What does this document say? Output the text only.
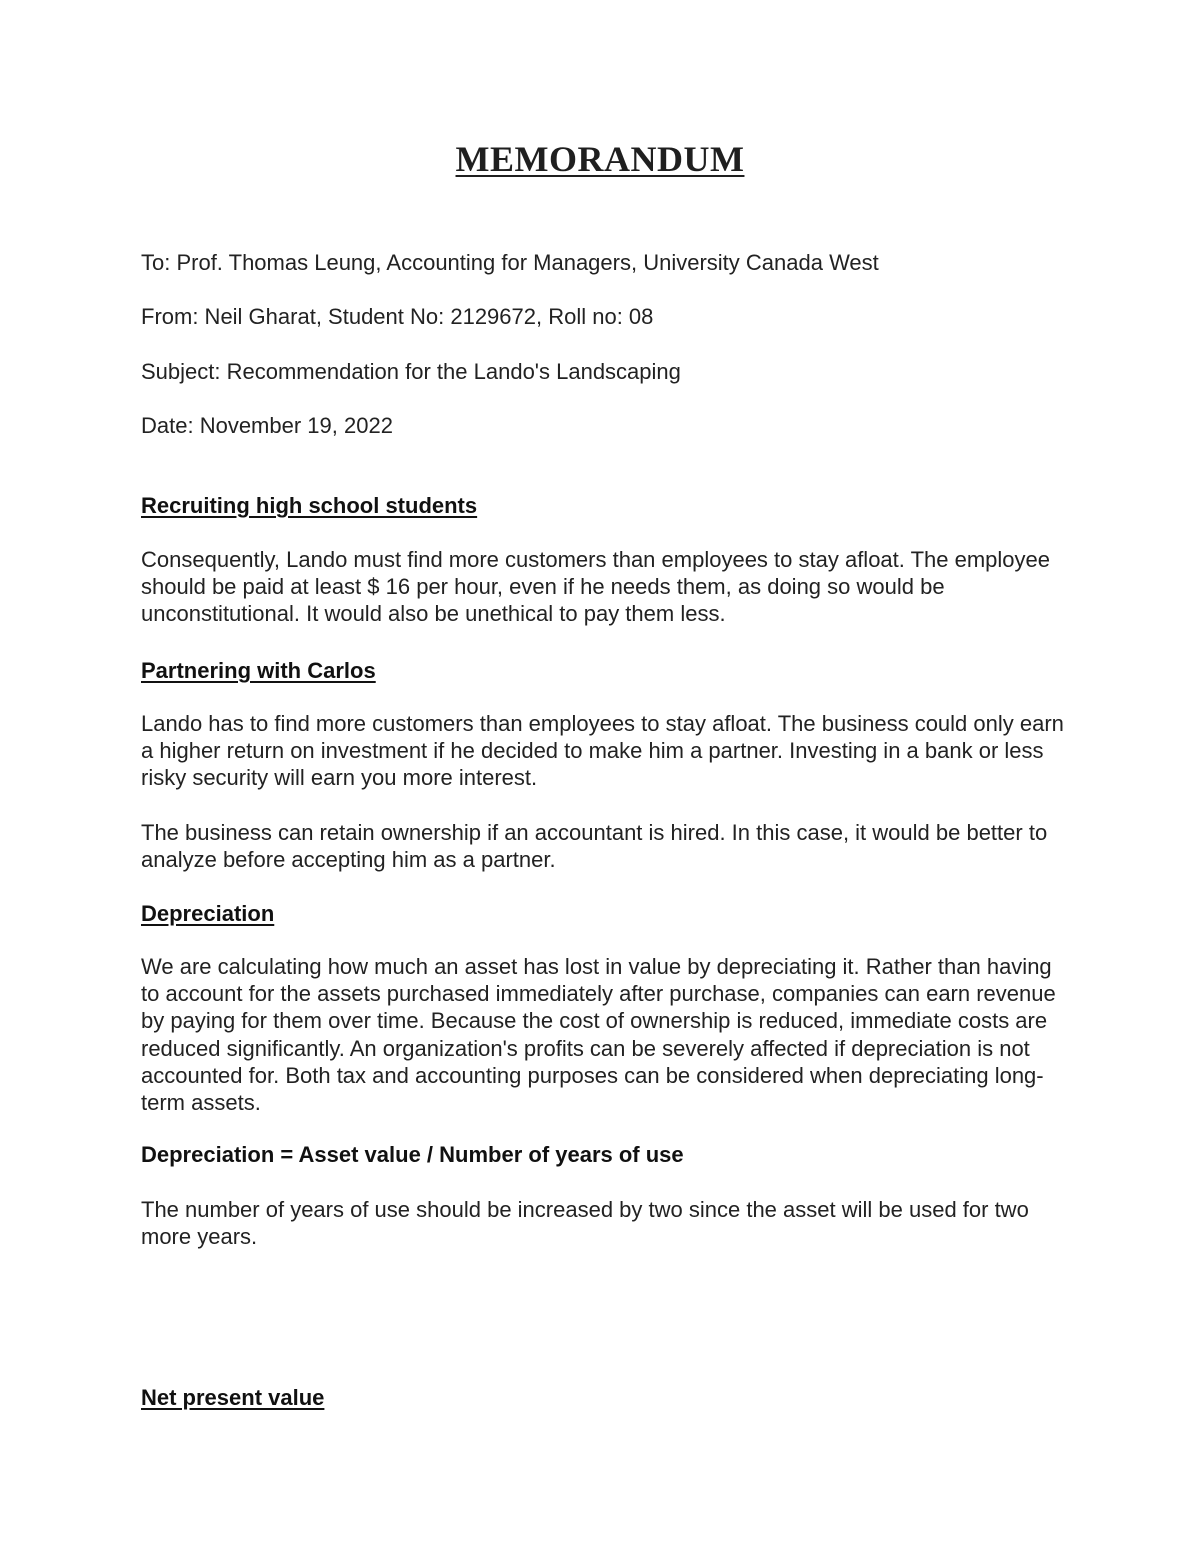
MEMORANDUM
To: Prof. Thomas Leung, Accounting for Managers, University Canada West
From: Neil Gharat, Student No: 2129672, Roll no: 08
Subject: Recommendation for the Lando's Landscaping
Date: November 19, 2022
Recruiting high school students
Consequently, Lando must find more customers than employees to stay afloat. The employee should be paid at least $ 16 per hour, even if he needs them, as doing so would be unconstitutional. It would also be unethical to pay them less.
Partnering with Carlos
Lando has to find more customers than employees to stay afloat. The business could only earn a higher return on investment if he decided to make him a partner. Investing in a bank or less risky security will earn you more interest.
The business can retain ownership if an accountant is hired. In this case, it would be better to analyze before accepting him as a partner.
Depreciation
We are calculating how much an asset has lost in value by depreciating it. Rather than having to account for the assets purchased immediately after purchase, companies can earn revenue by paying for them over time. Because the cost of ownership is reduced, immediate costs are reduced significantly. An organization's profits can be severely affected if depreciation is not accounted for. Both tax and accounting purposes can be considered when depreciating long-term assets.
Depreciation = Asset value / Number of years of use
The number of years of use should be increased by two since the asset will be used for two more years.
Net present value
